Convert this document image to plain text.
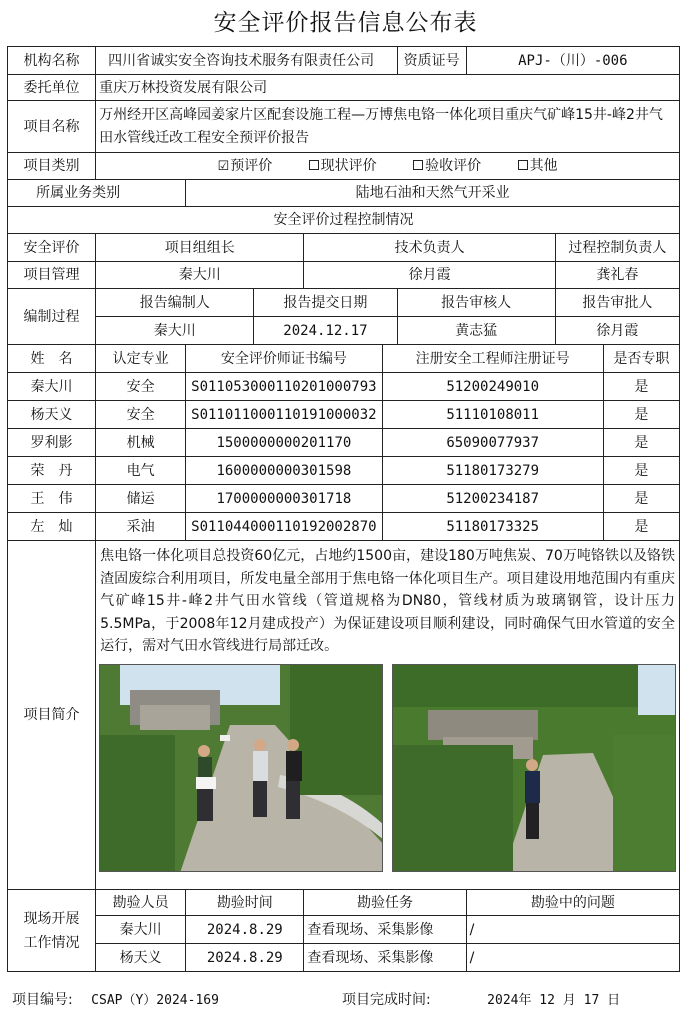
安全评价报告信息公布表
机构名称	四川省诚实安全咨询技术服务有限责任公司					资质证号	APJ-（川）-006		
委托单位	重庆万林投资发展有限公司								
项目名称	万州经开区高峰园姜家片区配套设施工程—万博焦电铬一体化项目重庆气矿峰15井-峰2井气田水管线迁改工程安全预评价报告								
项目类别	☑预评价 现状评价 验收评价 其他								
所属业务类别		陆地石油和天然气开采业							
安全评价过程控制情况									
安全评价	项目组组长			技术负责人				过程控制负责人	
项目管理	秦大川			徐月霞				龚礼春	
编制过程	报告编制人		报告提交日期			报告审核人		报告审批人	
	秦大川		2024.12.17			黄志猛		徐月霞	
姓　名	认定专业	安全评价师证书编号			注册安全工程师注册证号				是否专职
秦大川	安全	S011053000110201000793			51200249010				是
杨天义	安全	S011011000110191000032			51110108011				是
罗利影	机械	1500000000201170			65090077937				是
荣　丹	电气	1600000000301598			51180173279				是
王　伟	储运	1700000000301718			51200234187				是
左　灿	采油	S011044000110192002870			51180173325				是
项目简介	焦电铬一体化项目总投资60亿元，占地约1500亩，建设180万吨焦炭、70万吨铬铁以及铬铁渣固废综合利用项目，所发电量全部用于焦电铬一体化项目生产。项目建设用地范围内有重庆气矿峰15井-峰2井气田水管线（管道规格为DN80，管线材质为玻璃钢管，设计压力5.5MPa，于2008年12月建成投产）为保证建设项目顺利建设，同时确保气田水管道的安全运行，需对气田水管线进行局部迁改。								

现场开展
工作情况	勘验人员	勘验时间		勘验任务			勘验中的问题		
	秦大川	2024.8.29		查看现场、采集影像			/		
	杨天义	2024.8.29		查看现场、采集影像			/		
项目编号: CSAP（Y）2024-169	项目完成时间:	2024年 12 月 17 日
